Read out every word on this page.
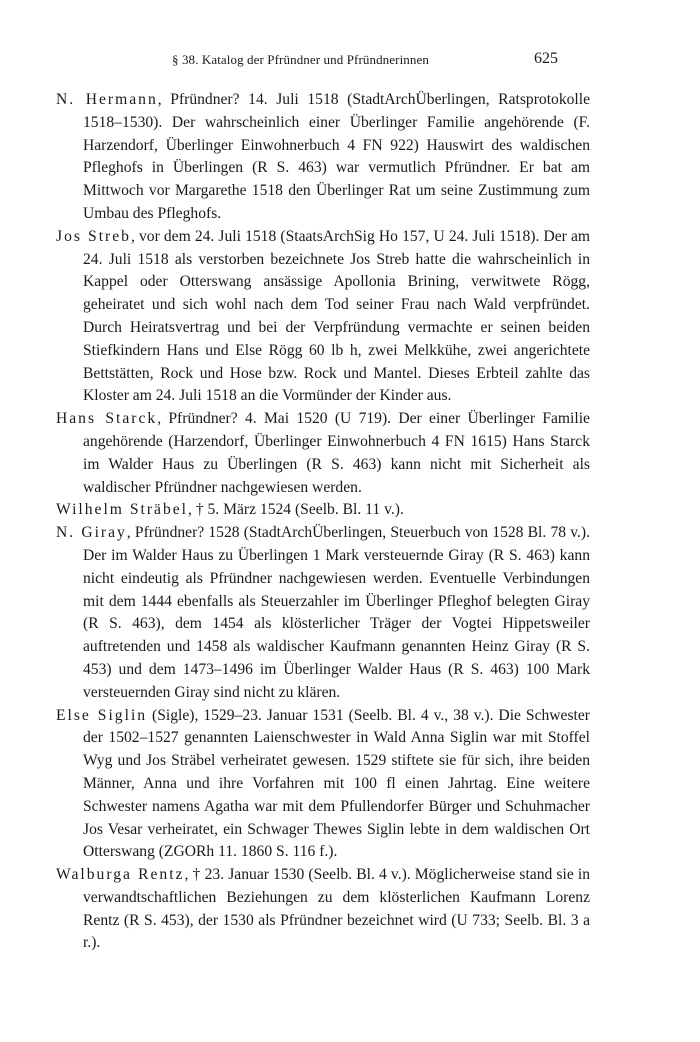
§ 38. Katalog der Pfründner und Pfründnerinnen	625

N. Hermann, Pfründner? 14. Juli 1518 (StadtArchÜberlingen, Ratsprotokolle 1518–1530). Der wahrscheinlich einer Überlinger Familie angehörende (F. Harzendorf, Überlinger Einwohnerbuch 4 FN 922) Hauswirt des waldischen Pfleghofs in Überlingen (R S. 463) war vermutlich Pfründner. Er bat am Mittwoch vor Margarethe 1518 den Überlinger Rat um seine Zustimmung zum Umbau des Pfleghofs.

Jos Streb, vor dem 24. Juli 1518 (StaatsArchSig Ho 157, U 24. Juli 1518). Der am 24. Juli 1518 als verstorben bezeichnete Jos Streb hatte die wahrscheinlich in Kappel oder Otterswang ansässige Apollonia Brining, verwitwete Rögg, geheiratet und sich wohl nach dem Tod seiner Frau nach Wald verpfründet. Durch Heiratsvertrag und bei der Verpfründung vermachte er seinen beiden Stiefkindern Hans und Else Rögg 60 lb h, zwei Melkkühe, zwei angerichtete Bettstätten, Rock und Hose bzw. Rock und Mantel. Dieses Erbteil zahlte das Kloster am 24. Juli 1518 an die Vormünder der Kinder aus.

Hans Starck, Pfründner? 4. Mai 1520 (U 719). Der einer Überlinger Familie angehörende (Harzendorf, Überlinger Einwohnerbuch 4 FN 1615) Hans Starck im Walder Haus zu Überlingen (R S. 463) kann nicht mit Sicherheit als waldischer Pfründner nachgewiesen werden.

Wilhelm Sträbel, † 5. März 1524 (Seelb. Bl. 11 v.).

N. Giray, Pfründner? 1528 (StadtArchÜberlingen, Steuerbuch von 1528 Bl. 78 v.). Der im Walder Haus zu Überlingen 1 Mark versteuernde Giray (R S. 463) kann nicht eindeutig als Pfründner nachgewiesen werden. Eventuelle Verbindungen mit dem 1444 ebenfalls als Steuerzahler im Überlinger Pfleghof belegten Giray (R S. 463), dem 1454 als klösterlicher Träger der Vogtei Hippetsweiler auftretenden und 1458 als waldischer Kaufmann genannten Heinz Giray (R S. 453) und dem 1473–1496 im Überlinger Walder Haus (R S. 463) 100 Mark versteuernden Giray sind nicht zu klären.

Else Siglin (Sigle), 1529–23. Januar 1531 (Seelb. Bl. 4 v., 38 v.). Die Schwester der 1502–1527 genannten Laienschwester in Wald Anna Siglin war mit Stoffel Wyg und Jos Sträbel verheiratet gewesen. 1529 stiftete sie für sich, ihre beiden Männer, Anna und ihre Vorfahren mit 100 fl einen Jahrtag. Eine weitere Schwester namens Agatha war mit dem Pfullendorfer Bürger und Schuhmacher Jos Vesar verheiratet, ein Schwager Thewes Siglin lebte in dem waldischen Ort Otterswang (ZGORh 11. 1860 S. 116 f.).

Walburga Rentz, † 23. Januar 1530 (Seelb. Bl. 4 v.). Möglicherweise stand sie in verwandtschaftlichen Beziehungen zu dem klösterlichen Kaufmann Lorenz Rentz (R S. 453), der 1530 als Pfründner bezeichnet wird (U 733; Seelb. Bl. 3 a r.).
